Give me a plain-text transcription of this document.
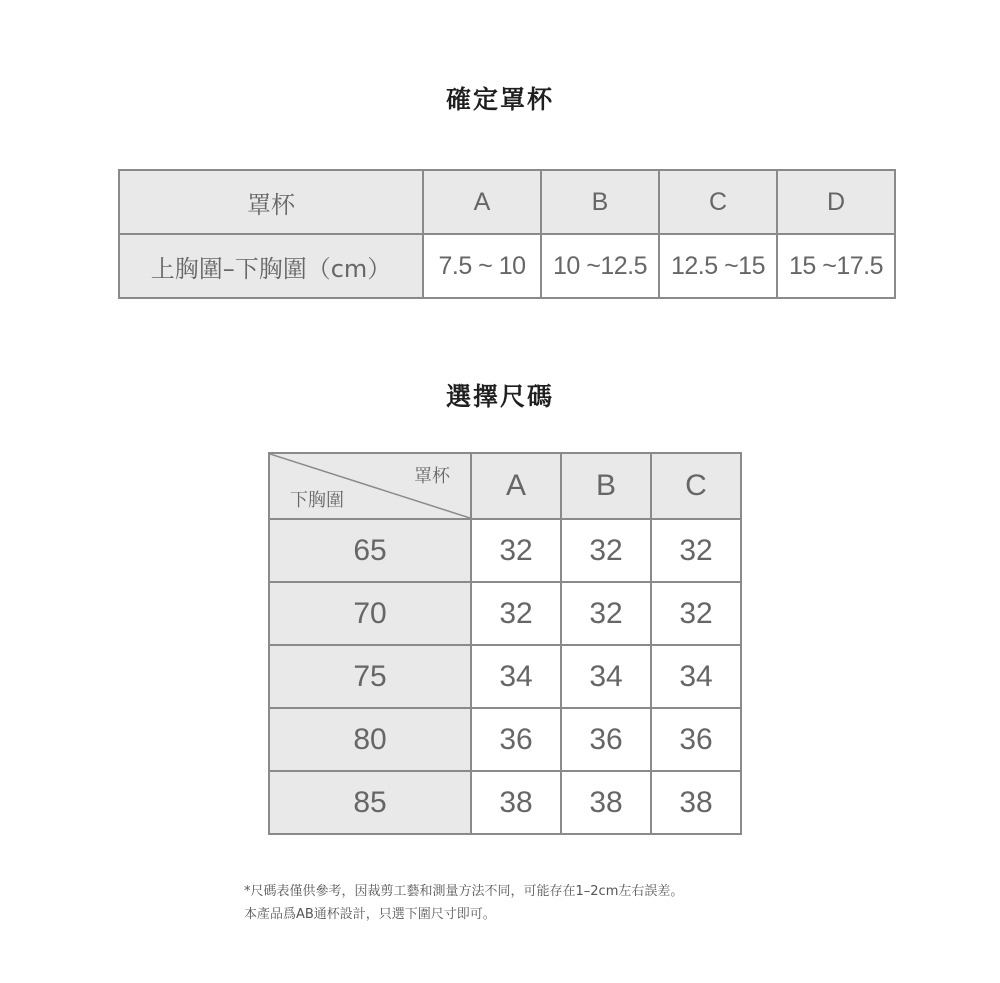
確定罩杯
罩杯	A	B	C	D
上胸圍–下胸圍（cm）	7.5 ~ 10	10 ~12.5	12.5 ~15	15 ~17.5
選擇尺碼
罩杯
下胸圍	A	B	C
65	32	32	32
70	32	32	32
75	34	34	34
80	36	36	36
85	38	38	38
*尺碼表僅供參考，因裁剪工藝和測量方法不同，可能存在1–2cm左右誤差。
本產品爲AB通杯設計，只選下圍尺寸即可。
